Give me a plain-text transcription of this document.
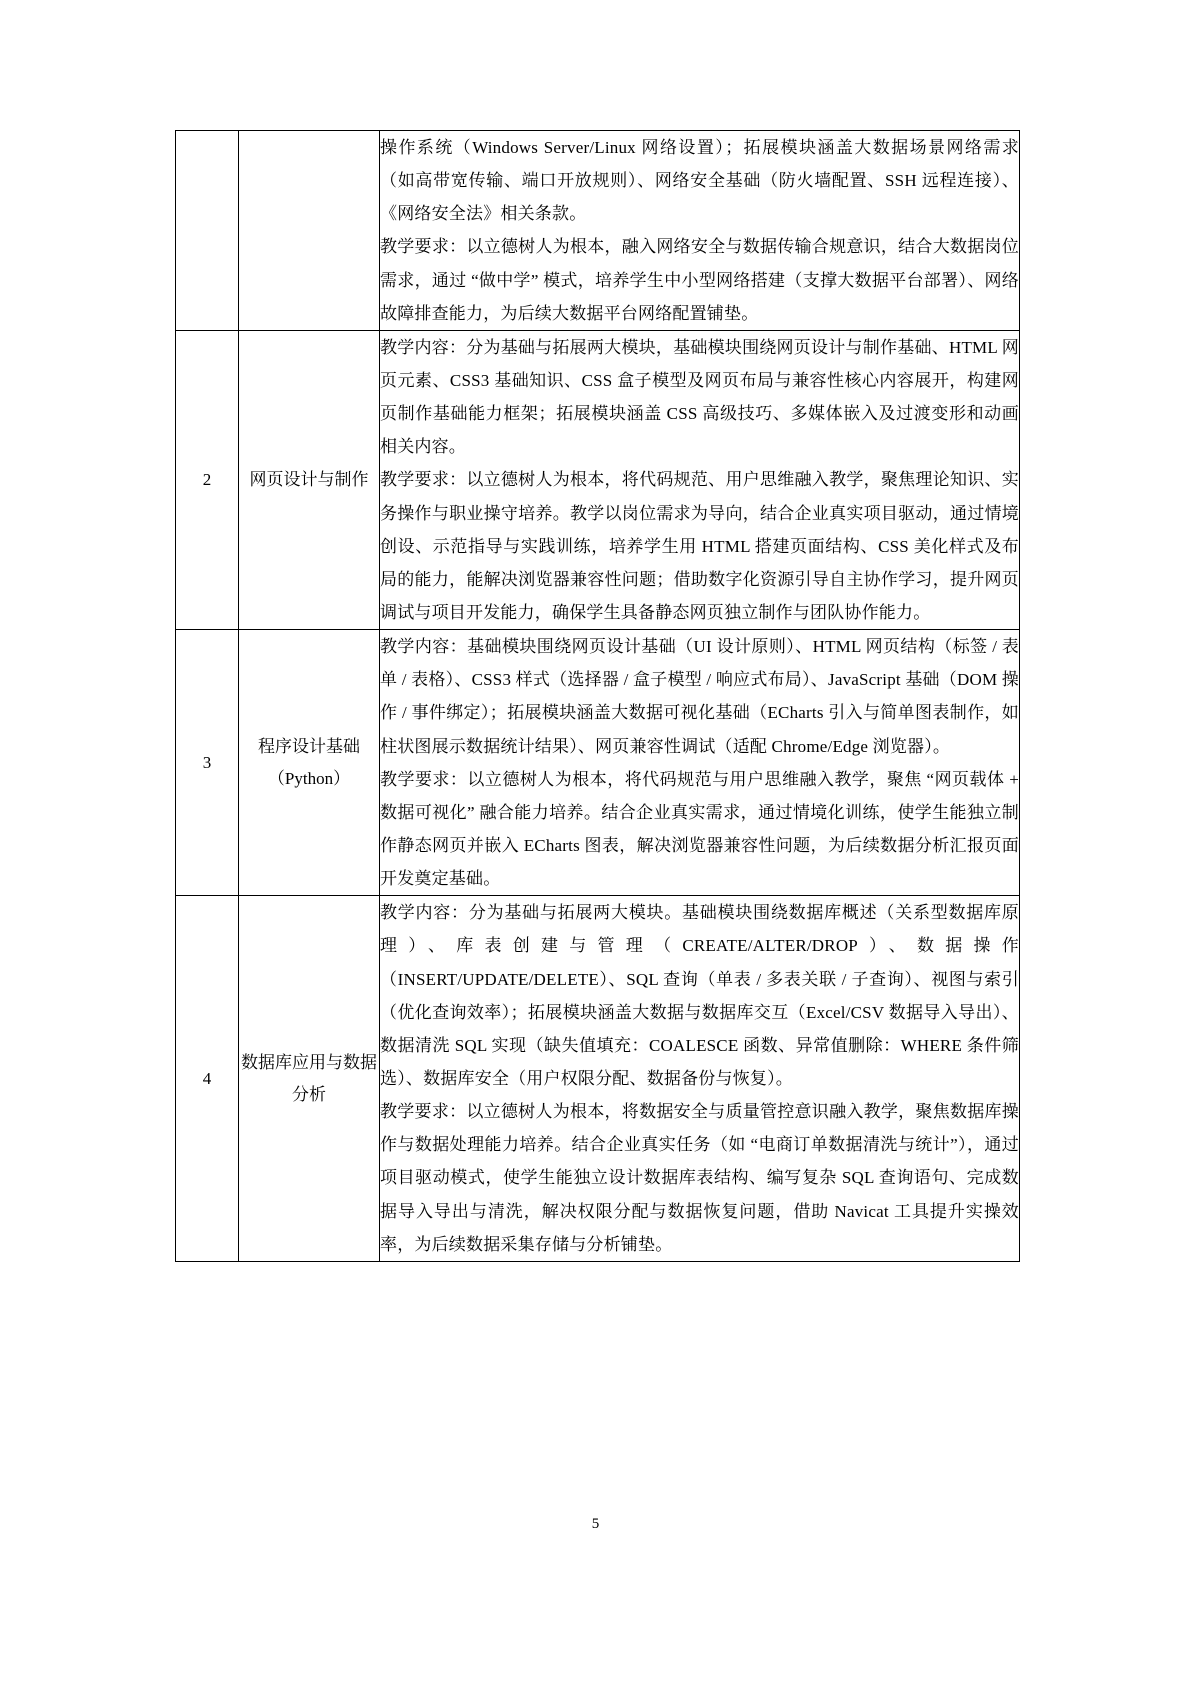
		操作系统（Windows Server/Linux 网络设置）；拓展模块涵盖大数据场景网络需求（如高带宽传输、端口开放规则）、网络安全基础（防火墙配置、SSH 远程连接）、《网络安全法》相关条款。

教学要求：以立德树人为根本，融入网络安全与数据传输合规意识，结合大数据岗位需求，通过 “做中学” 模式，培养学生中小型网络搭建（支撑大数据平台部署）、网络故障排查能力，为后续大数据平台网络配置铺垫。

2	网页设计与制作	教学内容：分为基础与拓展两大模块，基础模块围绕网页设计与制作基础、HTML 网页元素、CSS3 基础知识、CSS 盒子模型及网页布局与兼容性核心内容展开，构建网页制作基础能力框架；拓展模块涵盖 CSS 高级技巧、多媒体嵌入及过渡变形和动画相关内容。

教学要求：以立德树人为根本，将代码规范、用户思维融入教学，聚焦理论知识、实务操作与职业操守培养。教学以岗位需求为导向，结合企业真实项目驱动，通过情境创设、示范指导与实践训练，培养学生用 HTML 搭建页面结构、CSS 美化样式及布局的能力，能解决浏览器兼容性问题；借助数字化资源引导自主协作学习，提升网页调试与项目开发能力，确保学生具备静态网页独立制作与团队协作能力。

3	程序设计基础（Python）	教学内容：基础模块围绕网页设计基础（UI 设计原则）、HTML 网页结构（标签 / 表单 / 表格）、CSS3 样式（选择器 / 盒子模型 / 响应式布局）、JavaScript 基础（DOM 操作 / 事件绑定）；拓展模块涵盖大数据可视化基础（ECharts 引入与简单图表制作，如柱状图展示数据统计结果）、网页兼容性调试（适配 Chrome/Edge 浏览器）。

教学要求：以立德树人为根本，将代码规范与用户思维融入教学，聚焦 “网页载体 + 数据可视化” 融合能力培养。结合企业真实需求，通过情境化训练，使学生能独立制作静态网页并嵌入 ECharts 图表，解决浏览器兼容性问题，为后续数据分析汇报页面开发奠定基础。

4	数据库应用与数据分析	教学内容：分为基础与拓展两大模块。基础模块围绕数据库概述（关系型数据库原理）、库表创建与管理（CREATE/ALTER/DROP）、数据操作（INSERT/UPDATE/DELETE）、SQL 查询（单表 / 多表关联 / 子查询）、视图与索引（优化查询效率）；拓展模块涵盖大数据与数据库交互（Excel/CSV 数据导入导出）、数据清洗 SQL 实现（缺失值填充：COALESCE 函数、异常值删除：WHERE 条件筛选）、数据库安全（用户权限分配、数据备份与恢复）。

教学要求：以立德树人为根本，将数据安全与质量管控意识融入教学，聚焦数据库操作与数据处理能力培养。结合企业真实任务（如 “电商订单数据清洗与统计”），通过项目驱动模式，使学生能独立设计数据库表结构、编写复杂 SQL 查询语句、完成数据导入导出与清洗，解决权限分配与数据恢复问题，借助 Navicat 工具提升实操效率，为后续数据采集存储与分析铺垫。

5
